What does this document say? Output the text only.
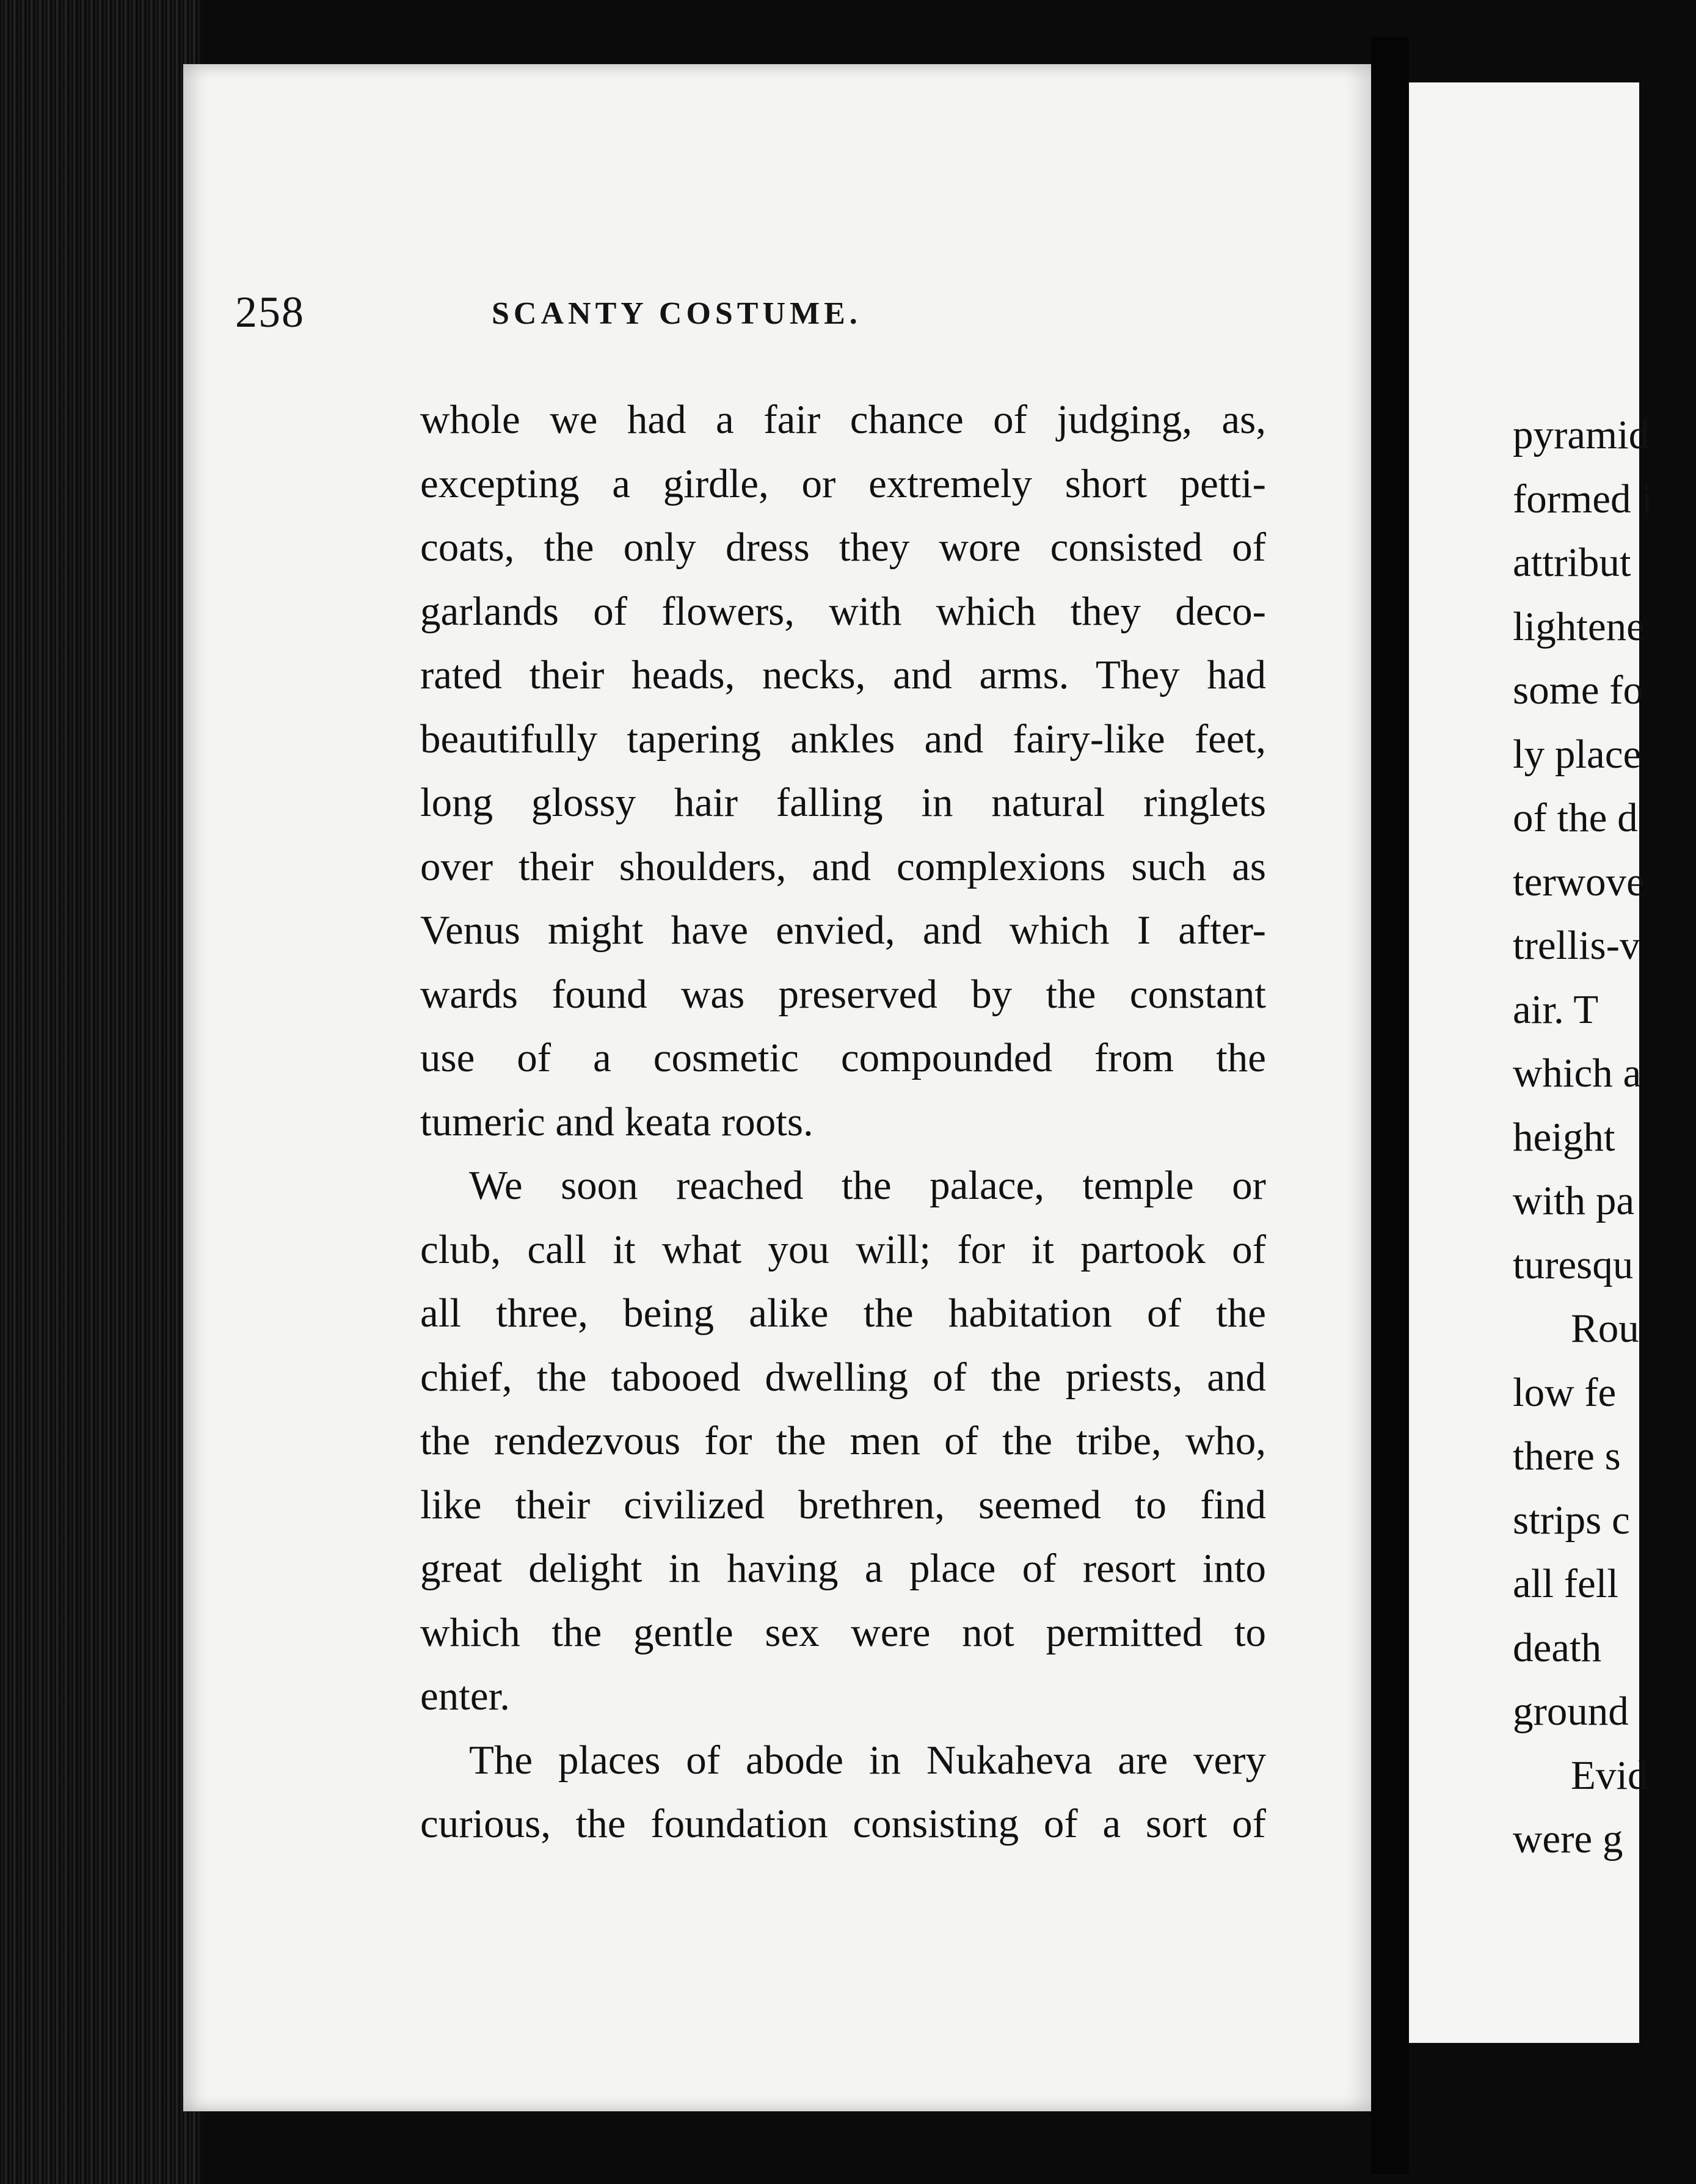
258	SCANTY COSTUME.
whole we had a fair chance of judging, as,
excepting a girdle, or extremely short petti-
coats, the only dress they wore consisted of
garlands of flowers, with which they deco-
rated their heads, necks, and arms. They had
beautifully tapering ankles and fairy-like feet,
long glossy hair falling in natural ringlets
over their shoulders, and complexions such as
Venus might have envied, and which I after-
wards found was preserved by the constant
use of a cosmetic compounded from the
tumeric and keata roots.
We soon reached the palace, temple or
club, call it what you will; for it partook of
all three, being alike the habitation of the
chief, the tabooed dwelling of the priests, and
the rendezvous for the men of the tribe, who,
like their civilized brethren, seemed to find
great delight in having a place of resort into
which the gentle sex were not permitted to
enter.
The places of abode in Nukaheva are very
curious, the foundation consisting of a sort of
pyramid
formed i
attribut
lightene
some fo
ly place
of the d
terwove
trellis-v
air. T
which a
height
with pa
turesqu
Rou
low fe
there s
strips c
all fell
death
ground
Evid
were g
